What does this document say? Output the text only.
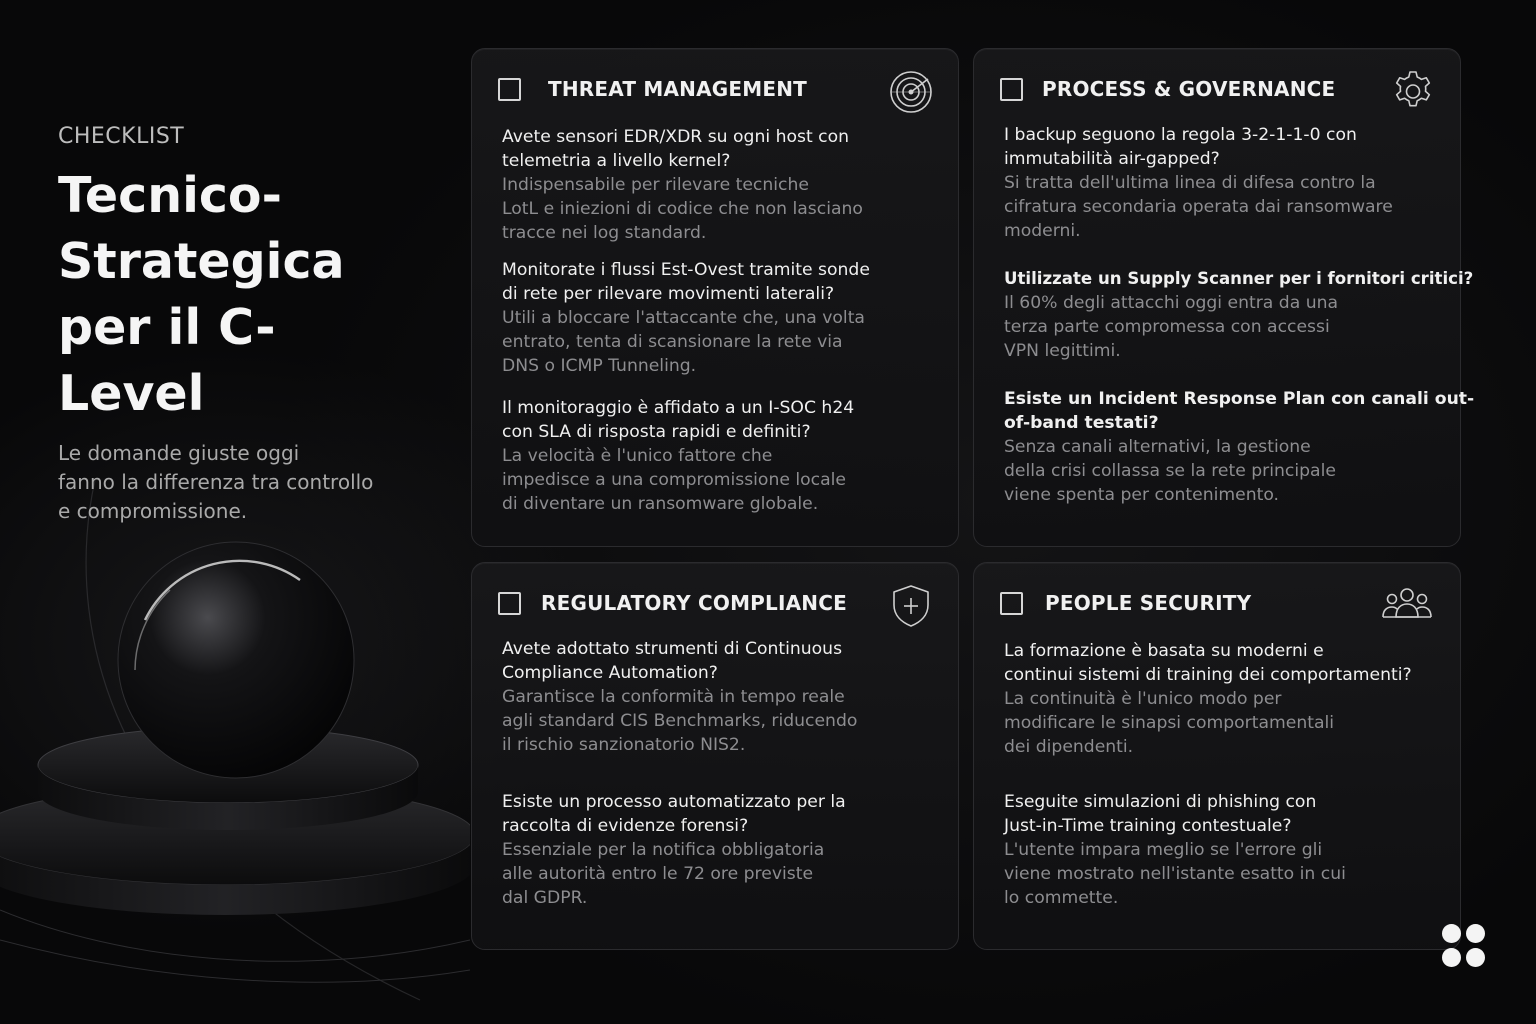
CHECKLIST

Tecnico-
Strategica
per il C-Level

Le domande giuste oggi
fanno la differenza tra controllo
e compromissione.

THREAT MANAGEMENT

Avete sensori EDR/XDR su ogni host con
telemetria a livello kernel?

Indispensabile per rilevare tecniche
LotL e iniezioni di codice che non lasciano
tracce nei log standard.

Monitorate i flussi Est-Ovest tramite sonde
di rete per rilevare movimenti laterali?

Utili a bloccare l'attaccante che, una volta
entrato, tenta di scansionare la rete via
DNS o ICMP Tunneling.

Il monitoraggio è affidato a un I-SOC h24
con SLA di risposta rapidi e definiti?

La velocità è l'unico fattore che
impedisce a una compromissione locale
di diventare un ransomware globale.

PROCESS & GOVERNANCE

I backup seguono la regola 3-2-1-1-0 con
immutabilità air-gapped?

Si tratta dell'ultima linea di difesa contro la
cifratura secondaria operata dai ransomware
moderni.

Utilizzate un Supply Scanner per i fornitori critici?

Il 60% degli attacchi oggi entra da una
terza parte compromessa con accessi
VPN legittimi.

Esiste un Incident Response Plan con canali out-
of-band testati?

Senza canali alternativi, la gestione
della crisi collassa se la rete principale
viene spenta per contenimento.

REGULATORY COMPLIANCE

Avete adottato strumenti di Continuous
Compliance Automation?

Garantisce la conformità in tempo reale
agli standard CIS Benchmarks, riducendo
il rischio sanzionatorio NIS2.

Esiste un processo automatizzato per la
raccolta di evidenze forensi?

Essenziale per la notifica obbligatoria
alle autorità entro le 72 ore previste
dal GDPR.

PEOPLE SECURITY

La formazione è basata su moderni e
continui sistemi di training dei comportamenti?

La continuità è l'unico modo per
modificare le sinapsi comportamentali
dei dipendenti.

Eseguite simulazioni di phishing con
Just-in-Time training contestuale?

L'utente impara meglio se l'errore gli
viene mostrato nell'istante esatto in cui
lo commette.
